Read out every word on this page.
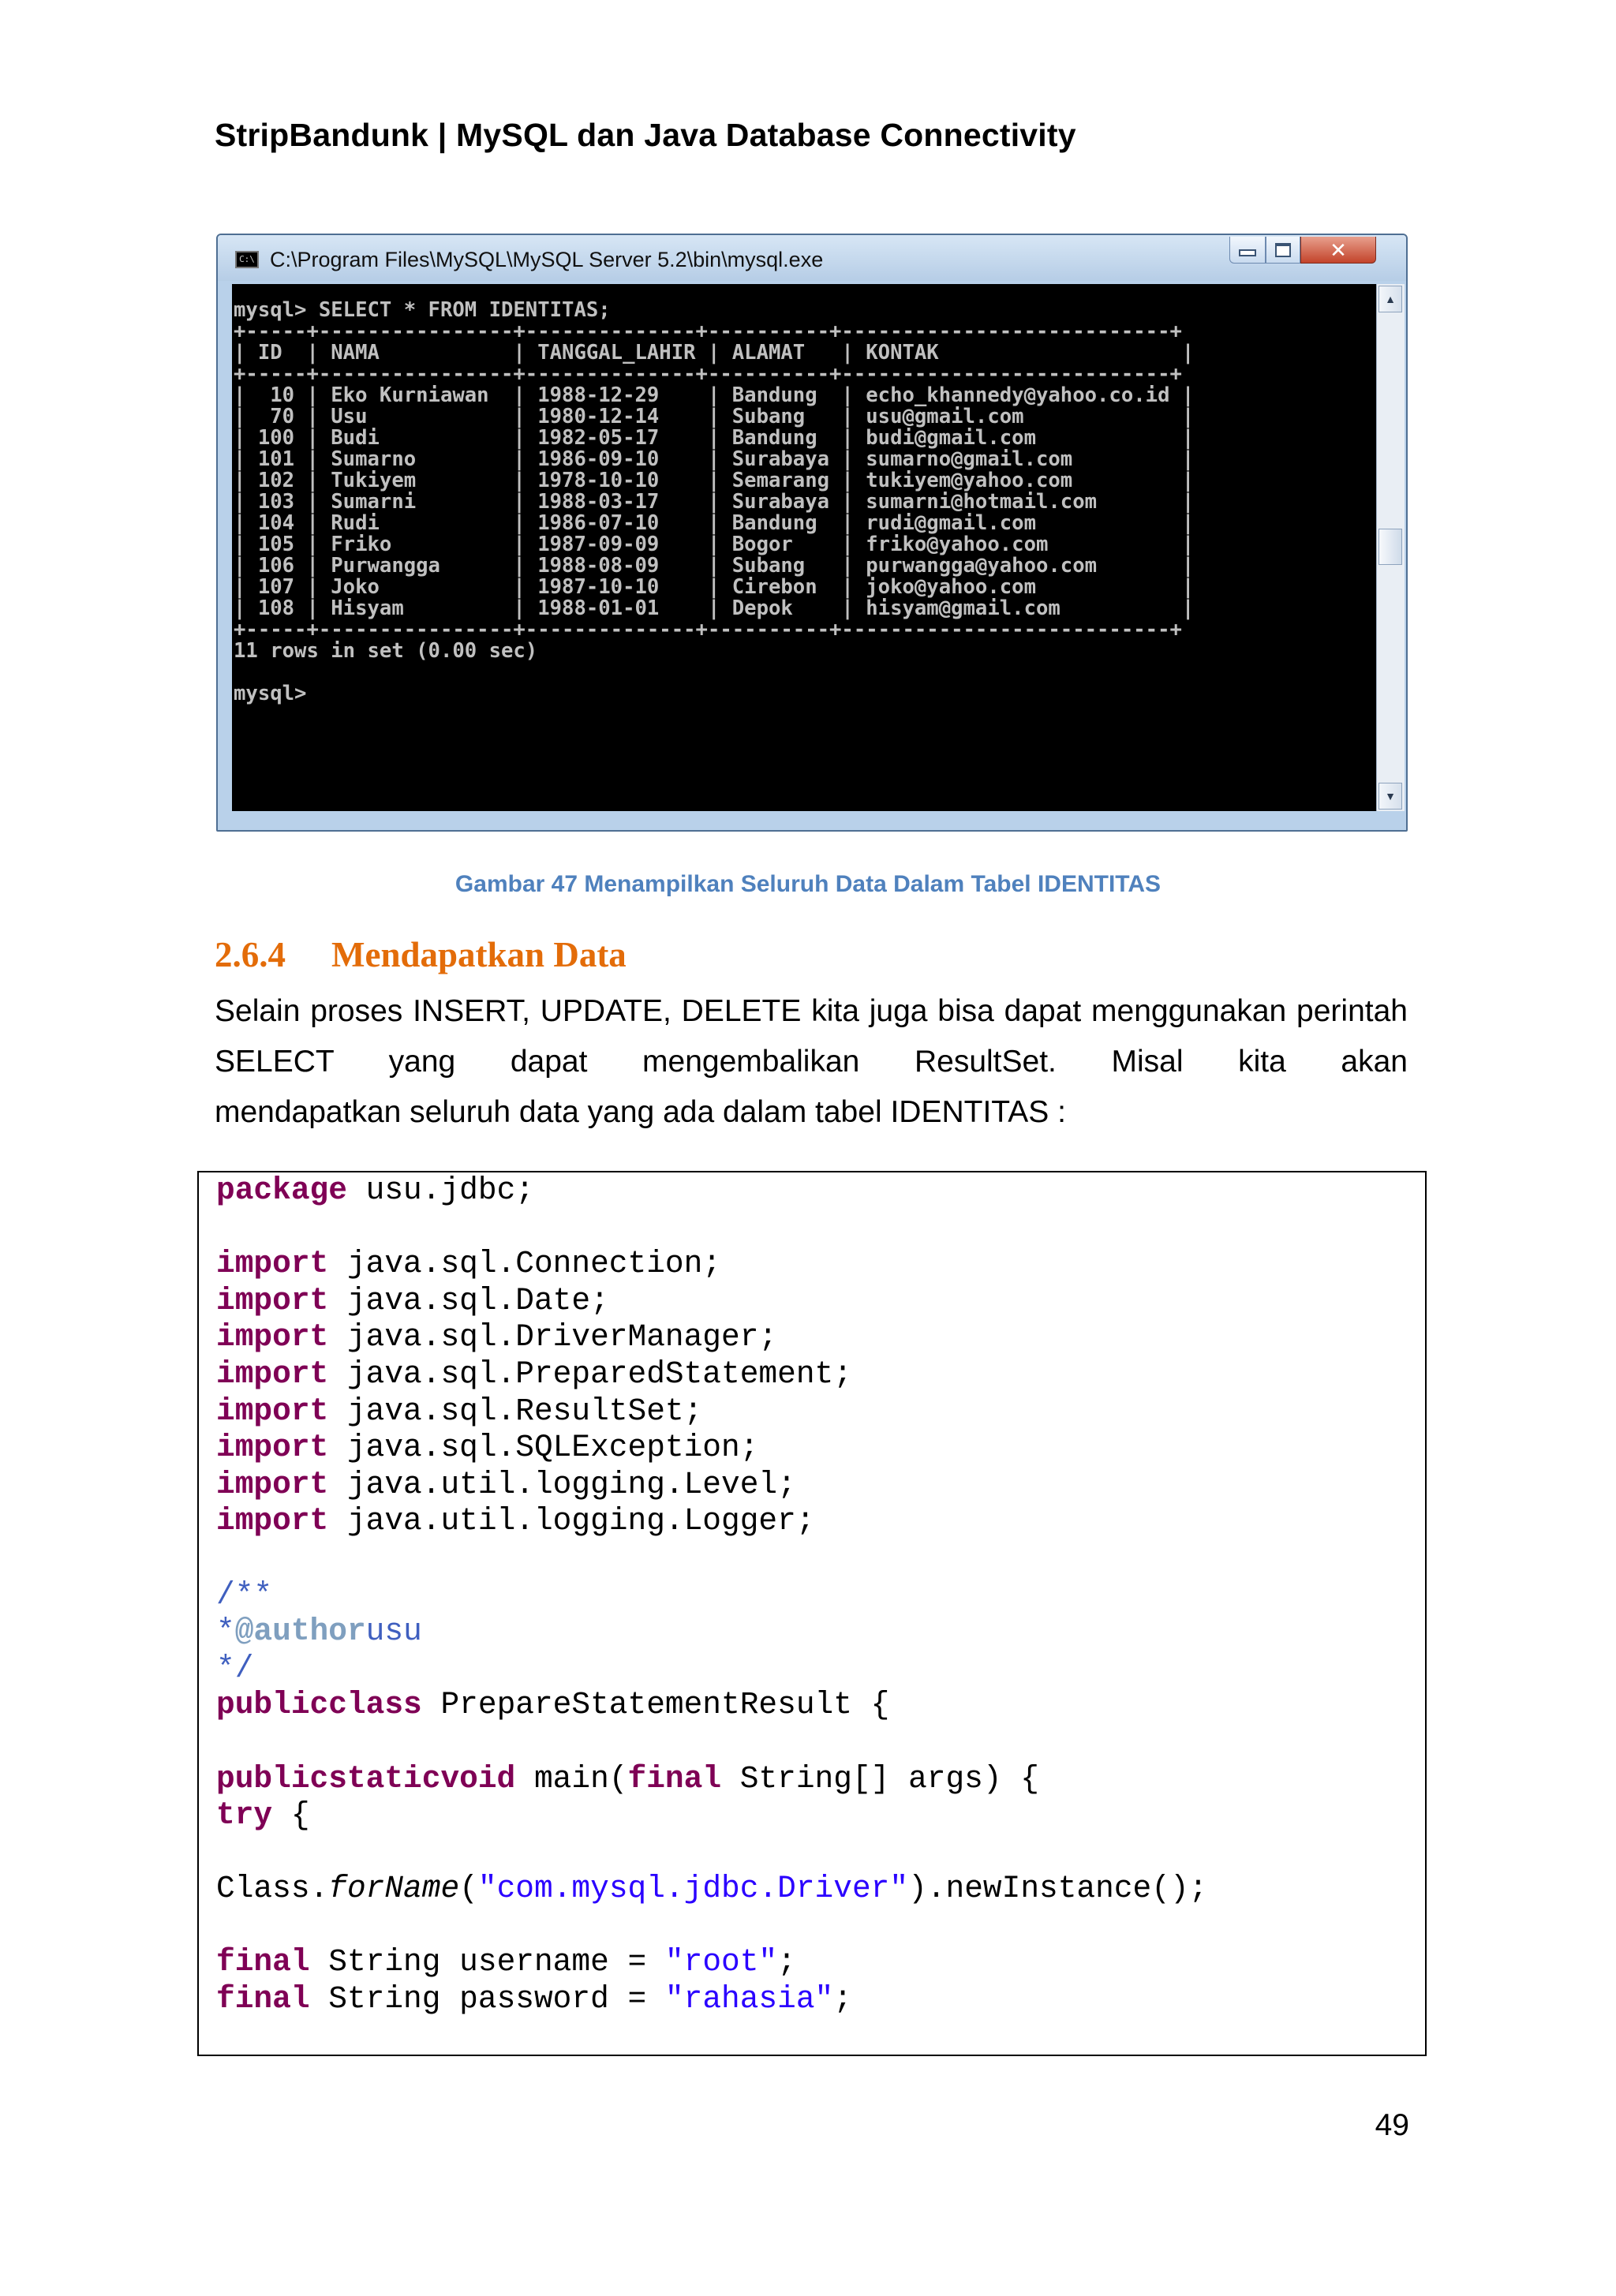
StripBandunk | MySQL dan Java Database Connectivity
C:\ C:\Program Files\MySQL\MySQL Server 5.2\bin\mysql.exe	✕
mysql> SELECT * FROM IDENTITAS;
+-----+----------------+--------------+----------+---------------------------+
| ID  | NAMA           | TANGGAL_LAHIR | ALAMAT   | KONTAK                    |
+-----+----------------+--------------+----------+---------------------------+
|  10 | Eko Kurniawan  | 1988-12-29    | Bandung  | echo_khannedy@yahoo.co.id |
|  70 | Usu            | 1980-12-14    | Subang   | usu@gmail.com             |
| 100 | Budi           | 1982-05-17    | Bandung  | budi@gmail.com            |
| 101 | Sumarno        | 1986-09-10    | Surabaya | sumarno@gmail.com         |
| 102 | Tukiyem        | 1978-10-10    | Semarang | tukiyem@yahoo.com         |
| 103 | Sumarni        | 1988-03-17    | Surabaya | sumarni@hotmail.com       |
| 104 | Rudi           | 1986-07-10    | Bandung  | rudi@gmail.com            |
| 105 | Friko          | 1987-09-09    | Bogor    | friko@yahoo.com           |
| 106 | Purwangga      | 1988-08-09    | Subang   | purwangga@yahoo.com       |
| 107 | Joko           | 1987-10-10    | Cirebon  | joko@yahoo.com            |
| 108 | Hisyam         | 1988-01-01    | Depok    | hisyam@gmail.com          |
+-----+----------------+--------------+----------+---------------------------+
11 rows in set (0.00 sec)

mysql>
▲
▼
Gambar 47 Menampilkan Seluruh Data Dalam Tabel IDENTITAS
2.6.4 Mendapatkan Data
Selain proses INSERT, UPDATE, DELETE kita juga bisa dapat menggunakan perintah SELECT yang dapat mengembalikan ResultSet. Misal kita akan
mendapatkan seluruh data yang ada dalam tabel IDENTITAS :
package usu.jdbc;

import java.sql.Connection;
import java.sql.Date;
import java.sql.DriverManager;
import java.sql.PreparedStatement;
import java.sql.ResultSet;
import java.sql.SQLException;
import java.util.logging.Level;
import java.util.logging.Logger;

/**
*@authorusu
*/
publicclass PrepareStatementResult {

publicstaticvoid main(final String[] args) {
try {

Class.forName("com.mysql.jdbc.Driver").newInstance();

final String username = "root";
final String password = "rahasia";
49
